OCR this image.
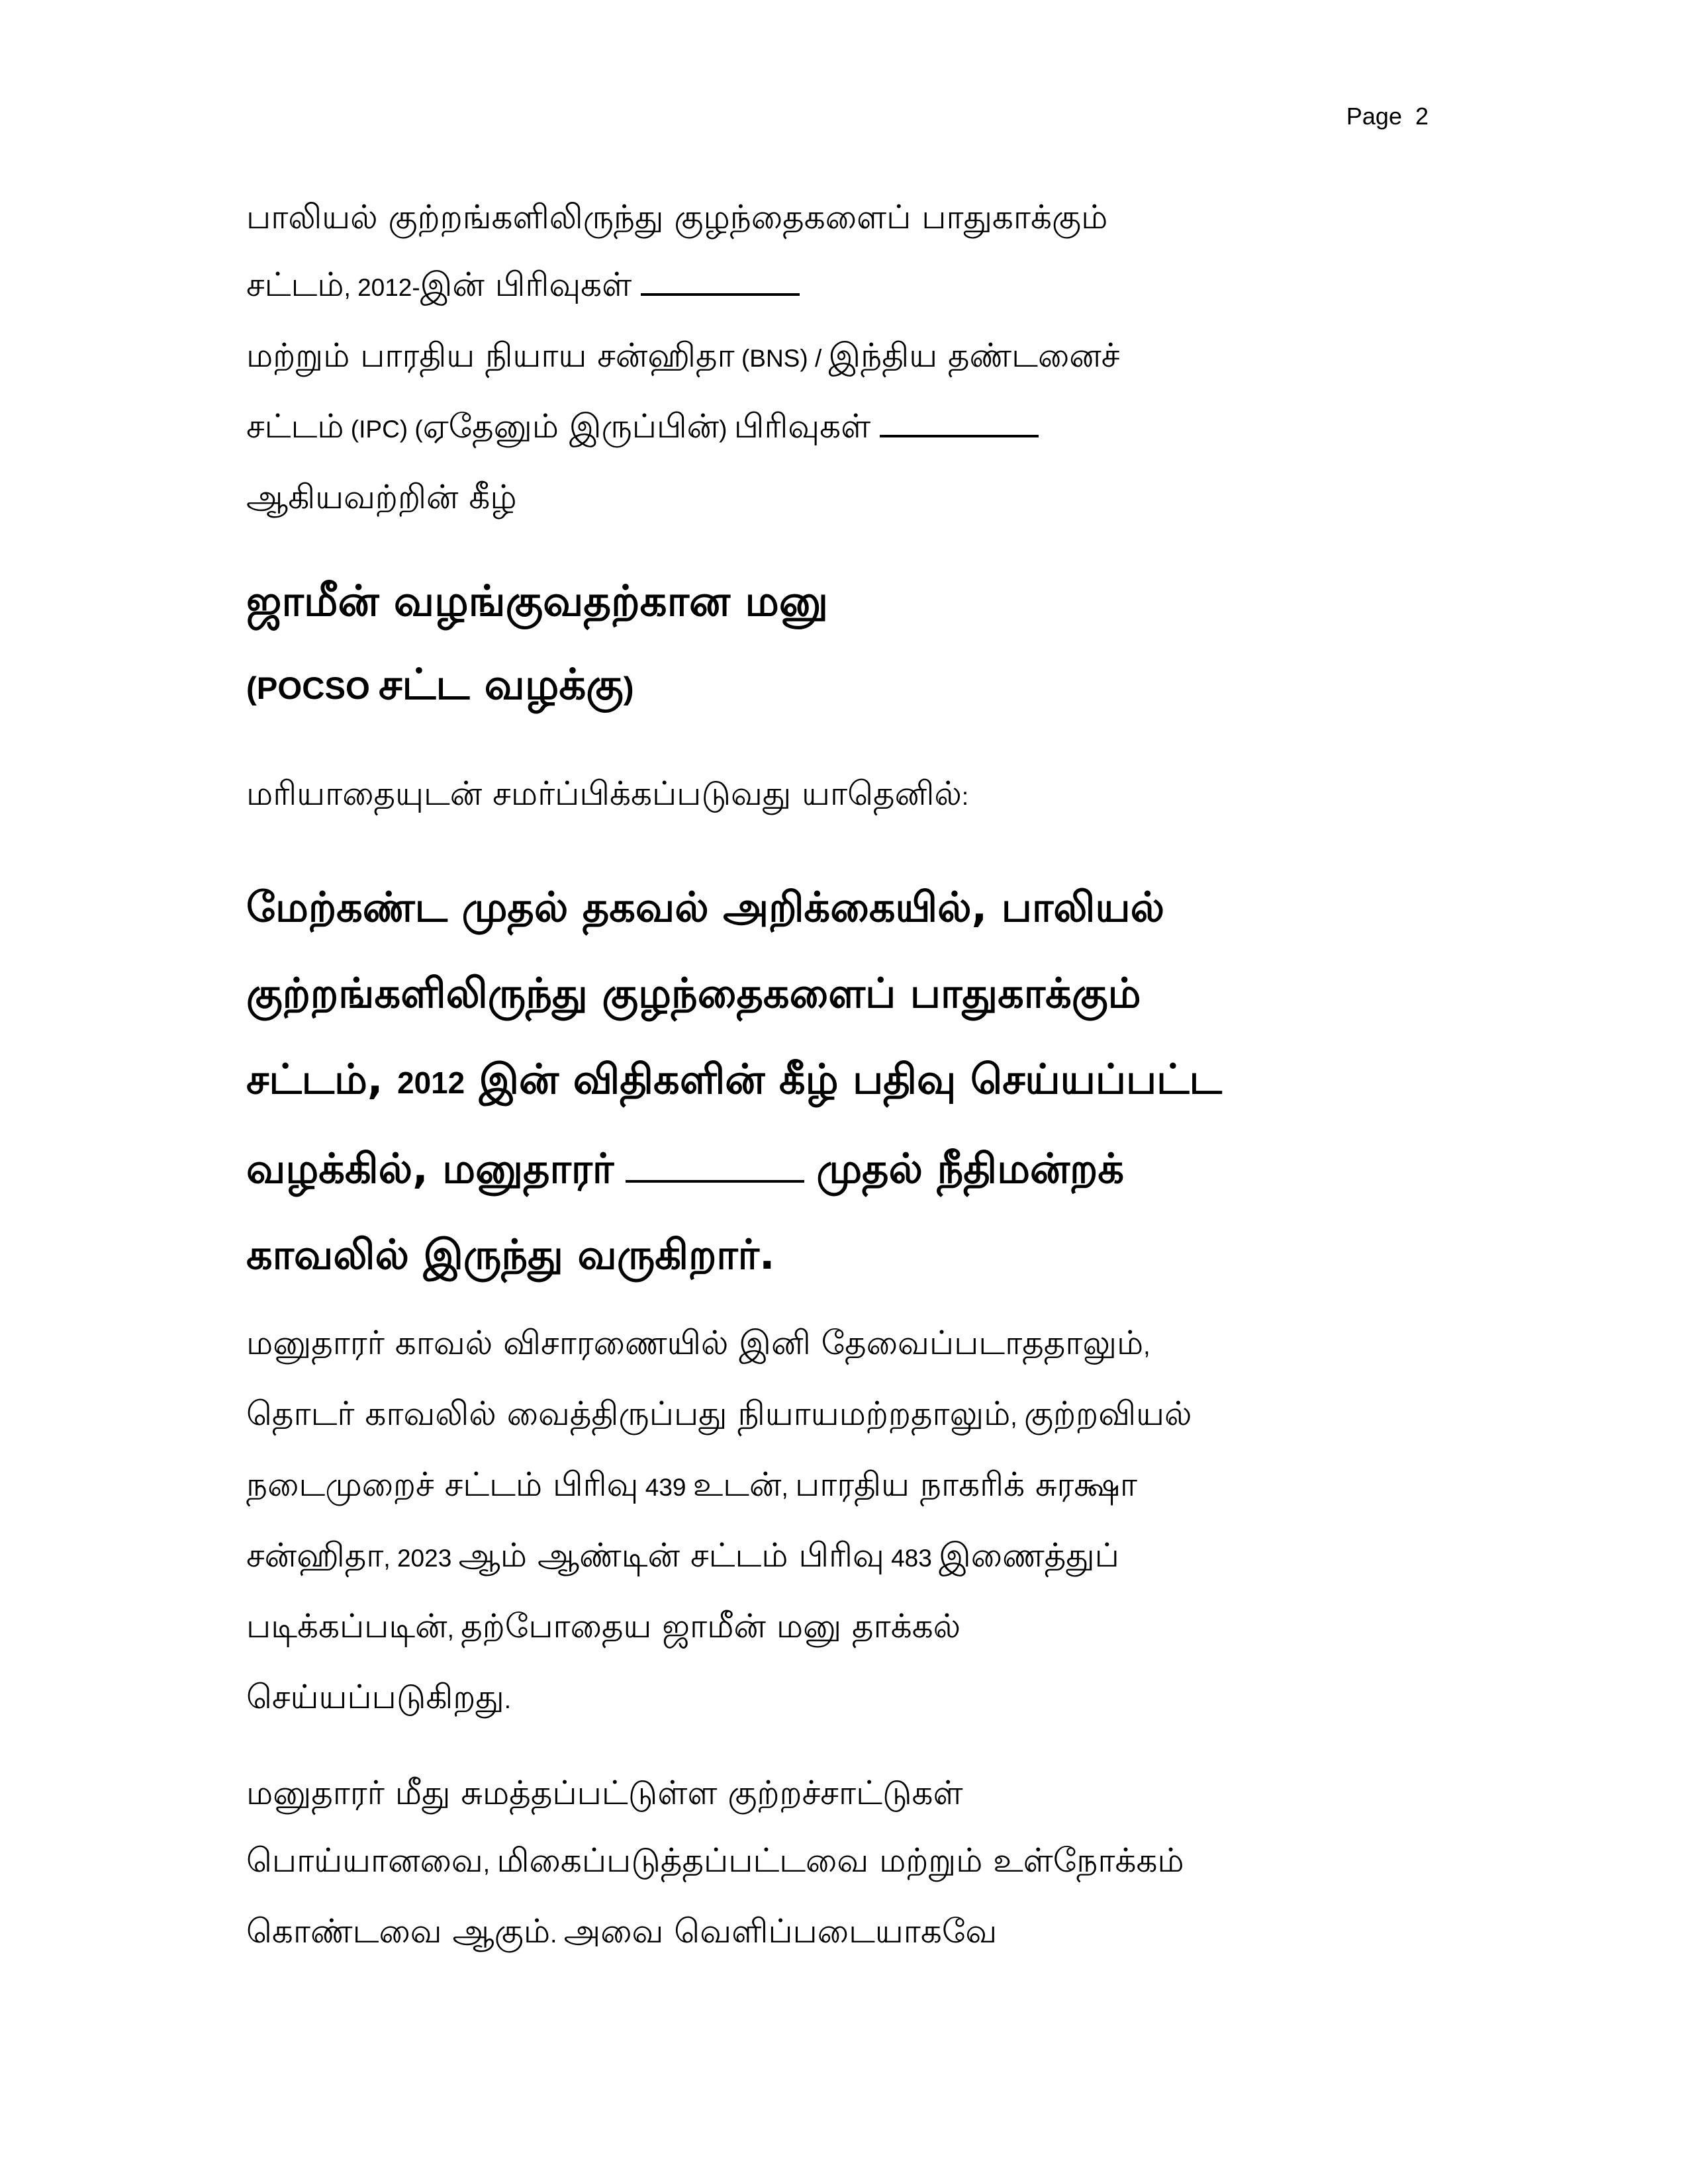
Page  2
பாலியல் குற்றங்களிலிருந்து குழந்தைகளைப் பாதுகாக்கும்
சட்டம், 2012-இன் பிரிவுகள்
மற்றும் பாரதிய நியாய சன்ஹிதா (BNS) / இந்திய தண்டனைச்
சட்டம் (IPC) (ஏதேனும் இருப்பின்) பிரிவுகள்
ஆகியவற்றின் கீழ்
ஜாமீன் வழங்குவதற்கான மனு
(POCSO சட்ட வழக்கு)
மரியாதையுடன் சமர்ப்பிக்கப்படுவது யாதெனில்:
மேற்கண்ட முதல் தகவல் அறிக்கையில், பாலியல்
குற்றங்களிலிருந்து குழந்தைகளைப் பாதுகாக்கும்
சட்டம், 2012 இன் விதிகளின் கீழ் பதிவு செய்யப்பட்ட
வழக்கில், மனுதாரர்	முதல் நீதிமன்றக்
காவலில் இருந்து வருகிறார்.
மனுதாரர் காவல் விசாரணையில் இனி தேவைப்படாததாலும்,
தொடர் காவலில் வைத்திருப்பது நியாயமற்றதாலும், குற்றவியல்
நடைமுறைச் சட்டம் பிரிவு 439 உடன், பாரதிய நாகரிக் சுரக்ஷா
சன்ஹிதா, 2023 ஆம் ஆண்டின் சட்டம் பிரிவு 483 இணைத்துப்
படிக்கப்படின், தற்போதைய ஜாமீன் மனு தாக்கல்
செய்யப்படுகிறது.
மனுதாரர் மீது சுமத்தப்பட்டுள்ள குற்றச்சாட்டுகள்
பொய்யானவை, மிகைப்படுத்தப்பட்டவை மற்றும் உள்நோக்கம்
கொண்டவை ஆகும். அவை வெளிப்படையாகவே
